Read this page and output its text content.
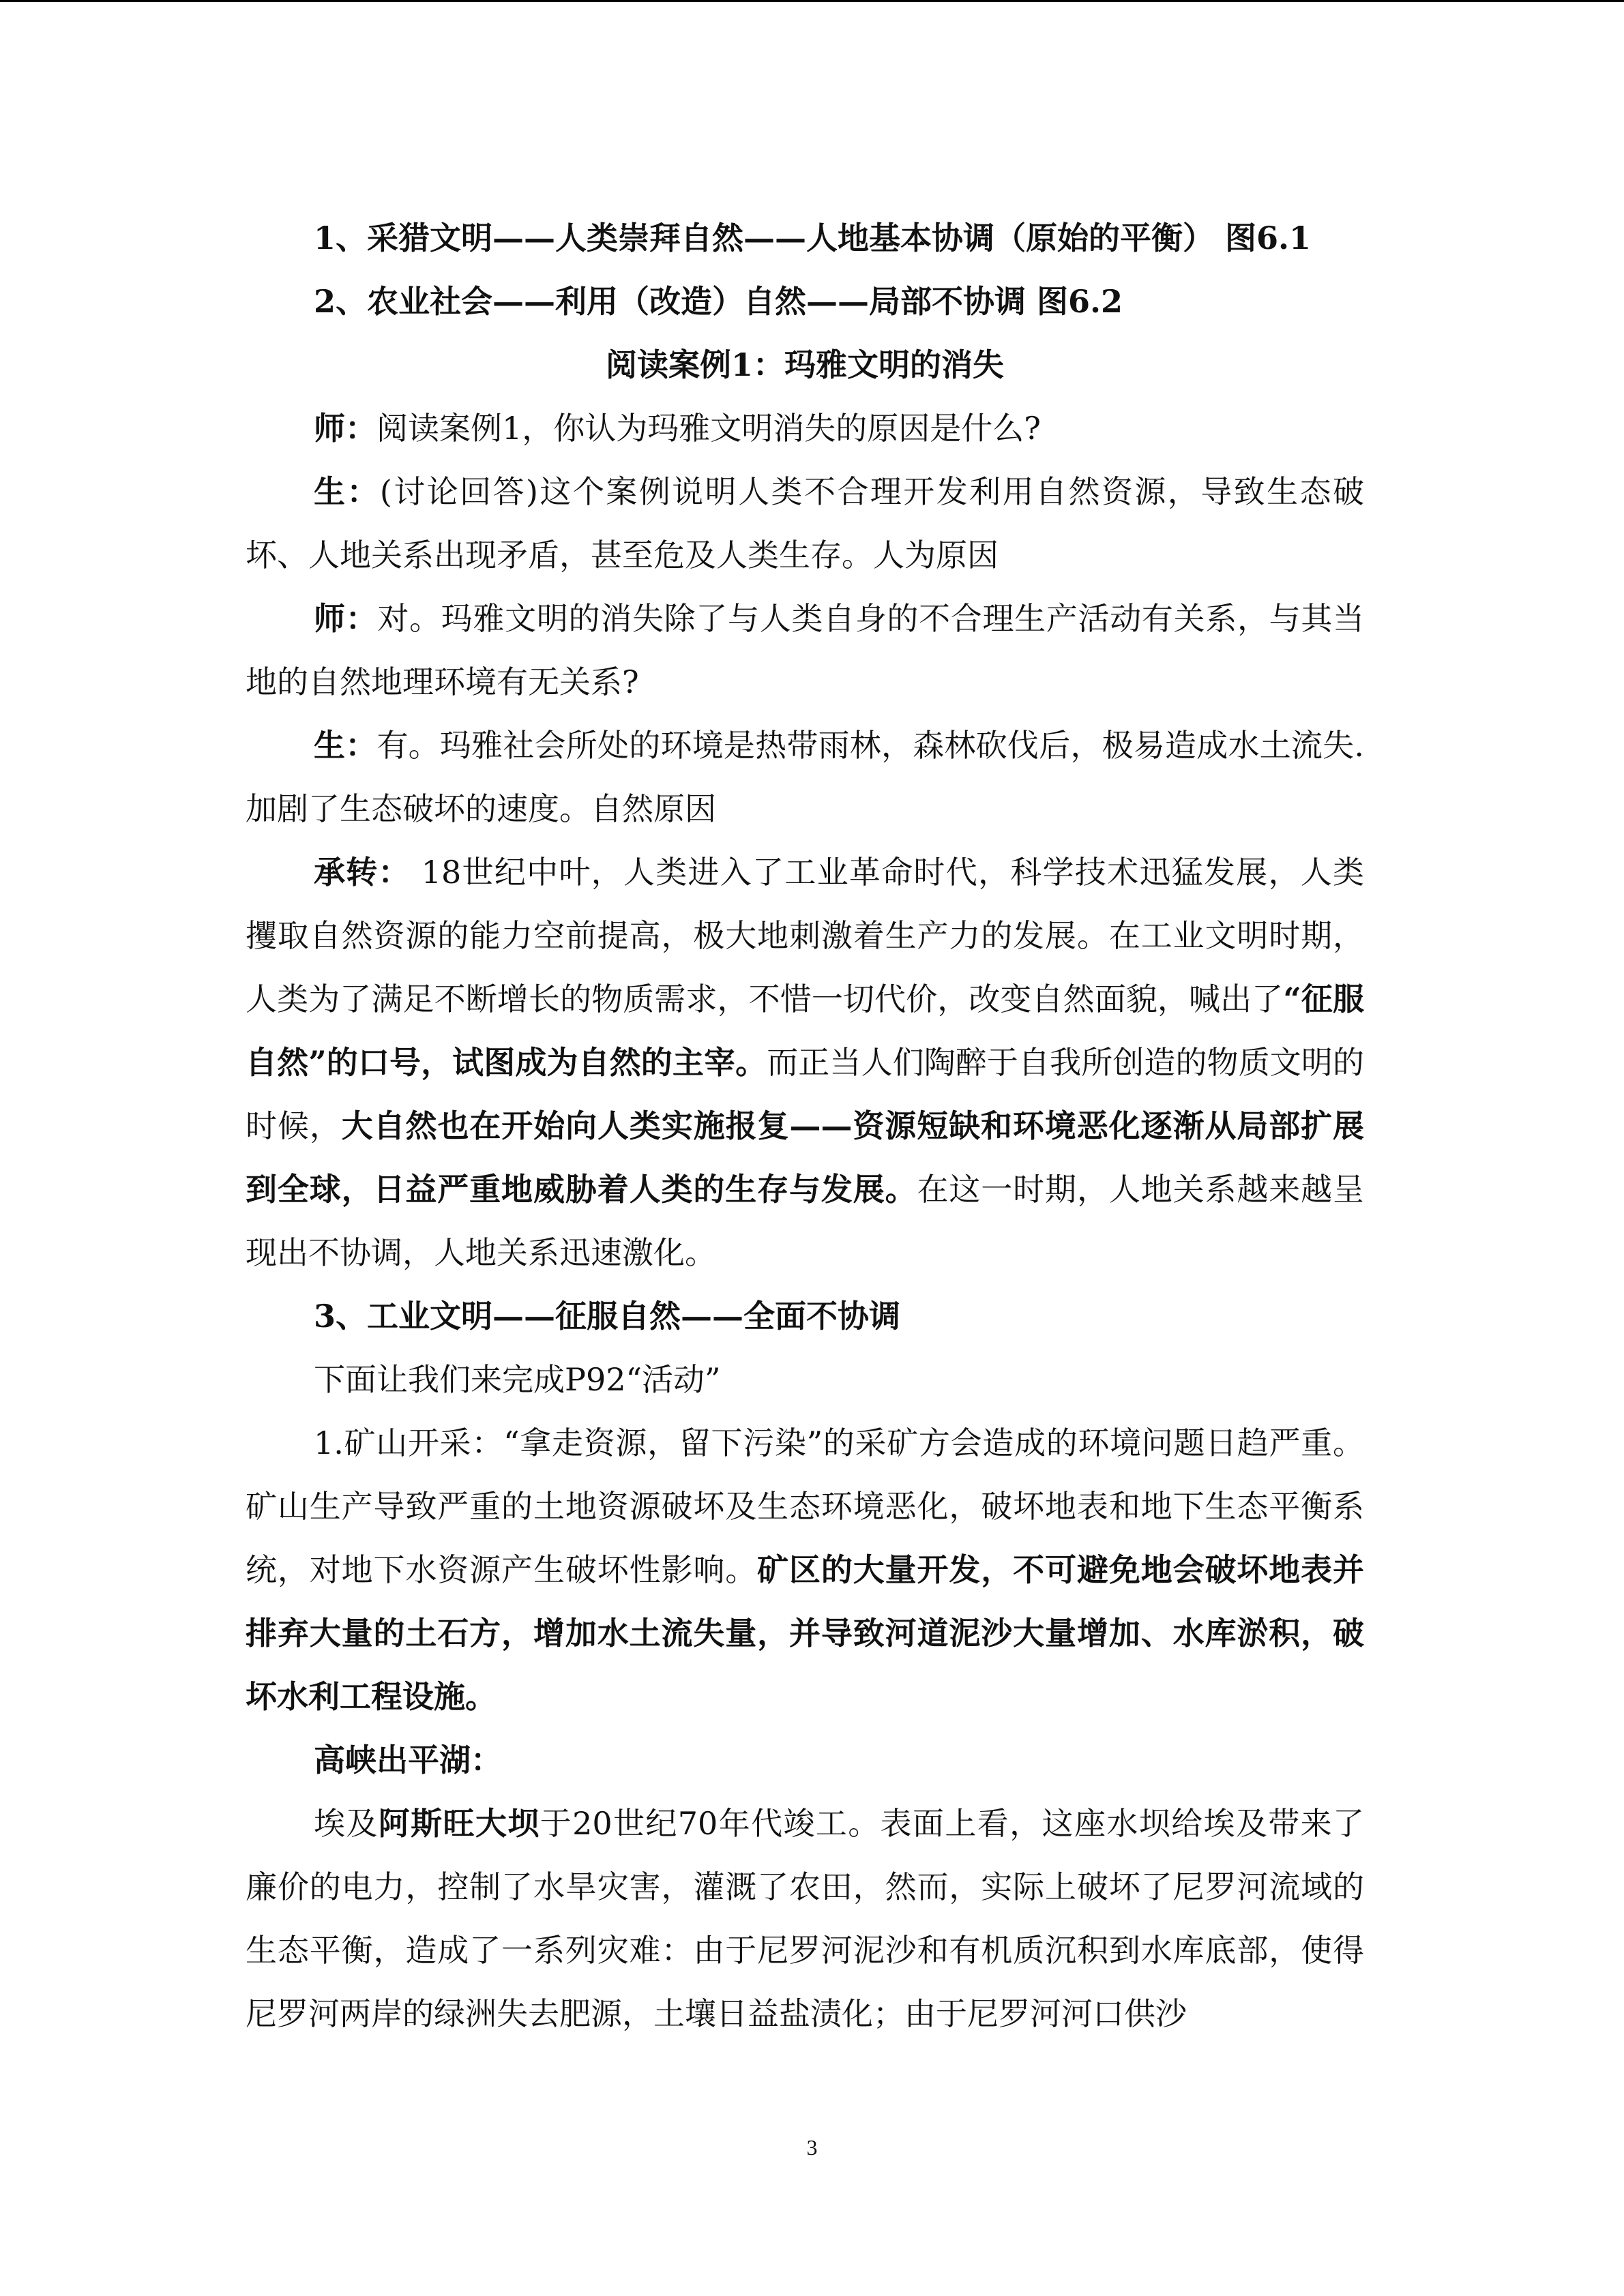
1、采猎文明——人类崇拜自然——人地基本协调（原始的平衡） 图6.1

2、农业社会——利用（改造）自然——局部不协调 图6.2

阅读案例1：玛雅文明的消失

师：阅读案例1，你认为玛雅文明消失的原因是什么?

生：(讨论回答)这个案例说明人类不合理开发利用自然资源，导致生态破坏、人地关系出现矛盾，甚至危及人类生存。人为原因

师：对。玛雅文明的消失除了与人类自身的不合理生产活动有关系，与其当地的自然地理环境有无关系?

生：有。玛雅社会所处的环境是热带雨林，森林砍伐后，极易造成水土流失.加剧了生态破坏的速度。自然原因

承转： 18世纪中叶，人类进入了工业革命时代，科学技术迅猛发展，人类攫取自然资源的能力空前提高，极大地刺激着生产力的发展。在工业文明时期，人类为了满足不断增长的物质需求，不惜一切代价，改变自然面貌，喊出了“征服自然”的口号，试图成为自然的主宰。而正当人们陶醉于自我所创造的物质文明的时候，大自然也在开始向人类实施报复——资源短缺和环境恶化逐渐从局部扩展到全球，日益严重地威胁着人类的生存与发展。在这一时期，人地关系越来越呈现出不协调，人地关系迅速激化。

3、工业文明——征服自然——全面不协调

下面让我们来完成P92“活动”

1.矿山开采：“拿走资源，留下污染”的采矿方会造成的环境问题日趋严重。矿山生产导致严重的土地资源破坏及生态环境恶化，破坏地表和地下生态平衡系统，对地下水资源产生破坏性影响。矿区的大量开发，不可避免地会破坏地表并排弃大量的土石方，增加水土流失量，并导致河道泥沙大量增加、水库淤积，破坏水利工程设施。

高峡出平湖：

埃及阿斯旺大坝于20世纪70年代竣工。表面上看，这座水坝给埃及带来了廉价的电力，控制了水旱灾害，灌溉了农田，然而，实际上破坏了尼罗河流域的生态平衡，造成了一系列灾难：由于尼罗河泥沙和有机质沉积到水库底部，使得尼罗河两岸的绿洲失去肥源，土壤日益盐渍化；由于尼罗河河口供沙

3
